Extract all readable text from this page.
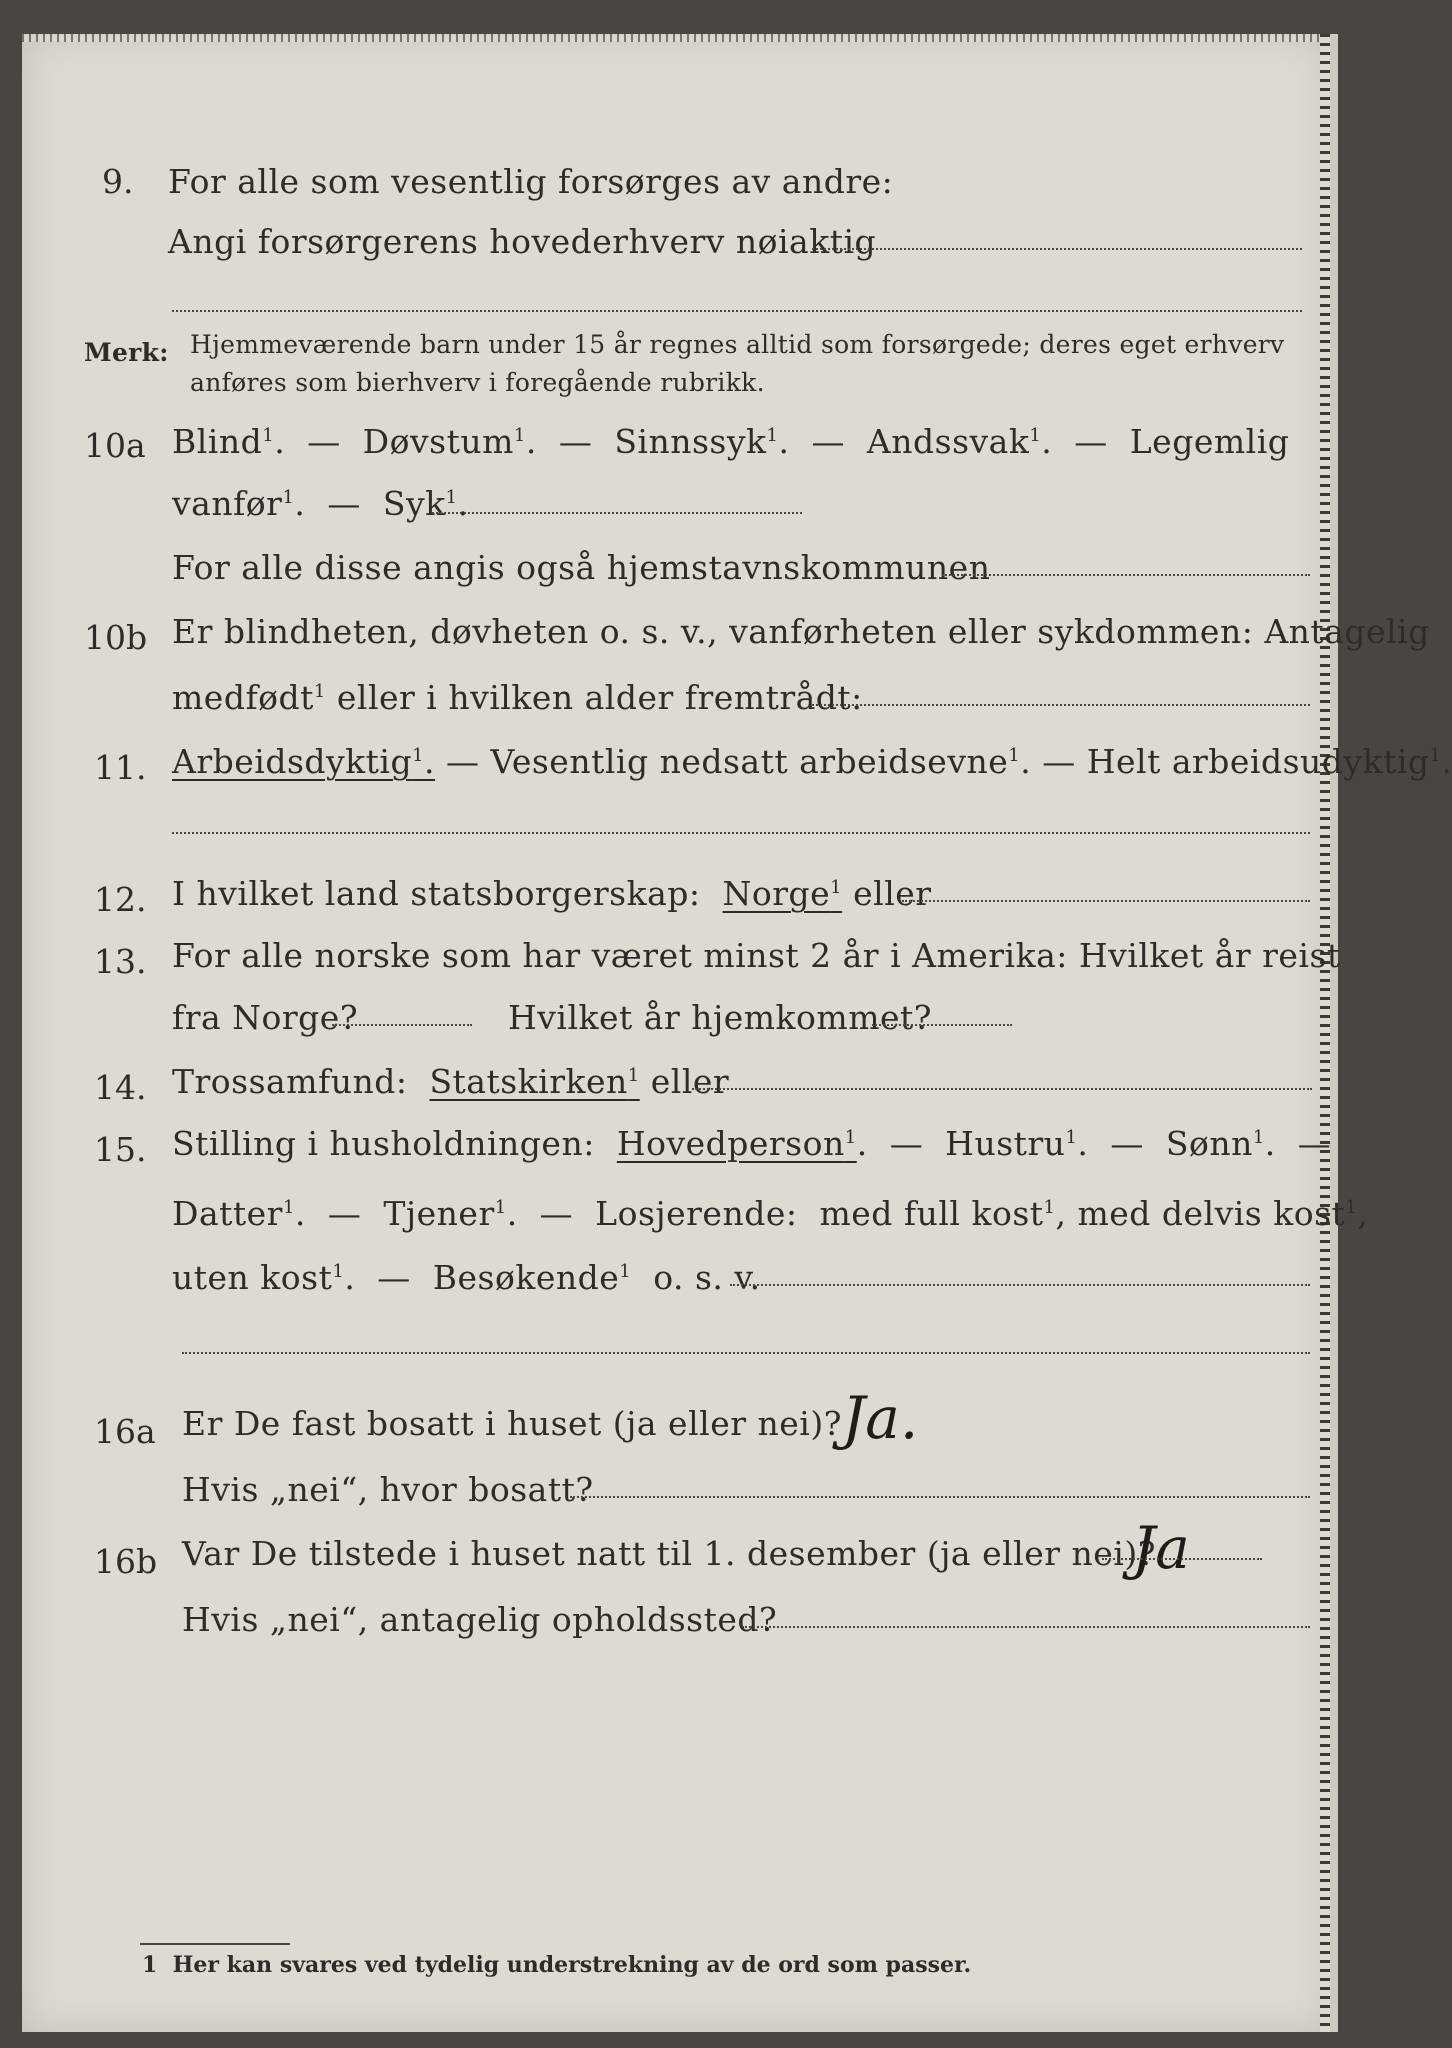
9. For alle som vesentlig forsørges av andre:
Angi forsørgerens hovederhverv nøiaktig
Merk: Hjemmeværende barn under 15 år regnes alltid som forsørgede; deres eget erhverv
anføres som bierhverv i foregående rubrikk.
10a Blind$^1$. — Døvstum$^1$. — Sinnssyk$^1$. — Andssvak$^1$. — Legemlig
vanfør$^1$. — Syk$^1$.
For alle disse angis også hjemstavnskommunen
10b Er blindheten, døvheten o. s. v., vanførheten eller sykdommen: Antagelig
medfødt$^1$ eller i hvilken alder fremtrådt:
11. Arbeidsdyktig$^1$. — Vesentlig nedsatt arbeidsevne$^1$. — Helt arbeidsudyktig$^1$.
12. I hvilket land statsborgerskap: Norge$^1$ eller
13. For alle norske som har været minst 2 år i Amerika: Hvilket år reist
fra Norge?	Hvilket år hjemkommet?
14. Trossamfund: Statskirken$^1$ eller
15. Stilling i husholdningen: Hovedperson$^1$. — Hustru$^1$. — Sønn$^1$. —
Datter$^1$. — Tjener$^1$. — Losjerende: med full kost$^1$, med delvis kost$^1$,
uten kost$^1$. — Besøkende$^1$ o. s. v.
16a Er De fast bosatt i huset (ja eller nei)? Ja.
Hvis „nei“, hvor bosatt?
16b Var De tilstede i huset natt til 1. desember (ja eller nei)?
Ja
Hvis „nei“, antagelig opholdssted?
1 Her kan svares ved tydelig understrekning av de ord som passer.
